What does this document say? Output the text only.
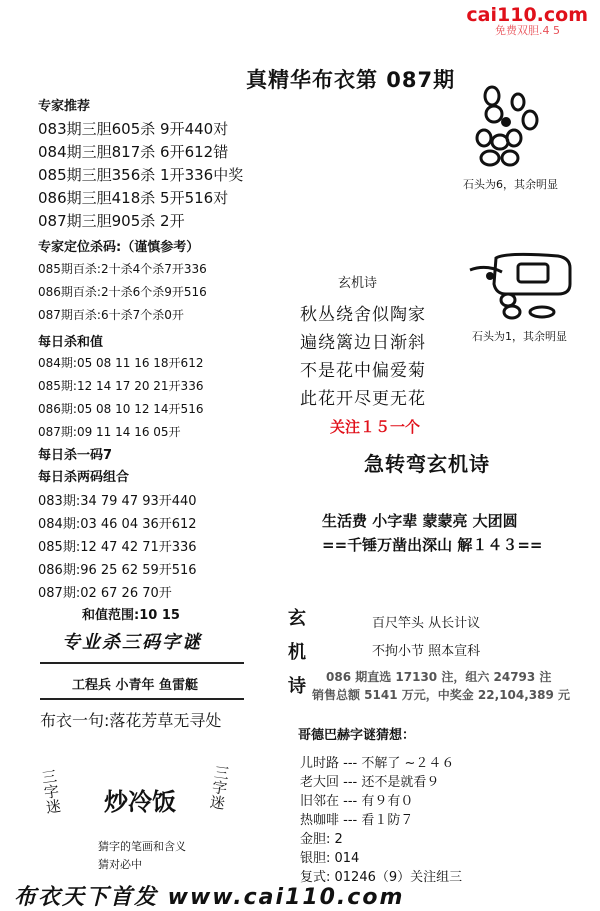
cai110.com
免费双胆.4 5
真精华布衣第 087期
专家推荐
083期三胆605杀 9开440对
084期三胆817杀 6开612错
085期三胆356杀 1开336中奖
086期三胆418杀 5开516对
087期三胆905杀 2开
专家定位杀码:（谨慎参考）
085期百杀:2十杀4个杀7开336
086期百杀:2十杀6个杀9开516
087期百杀:6十杀7个杀0开
每日杀和值
084期:05 08 11 16 18开612
085期:12 14 17 20 21开336
086期:05 08 10 12 14开516
087期:09 11 14 16 05开
每日杀一码7
每日杀两码组合
083期:34 79 47 93开440
084期:03 46 04 36开612
085期:12 47 42 71开336
086期:96 25 62 59开516
087期:02 67 26 70开
和值范围:10 15
专业杀三码字谜
工程兵 小青年 鱼雷艇
布衣一句:落花芳草无寻处
三
字
迷 炒冷饭
三
字
迷
猜字的笔画和含义
猜对必中
石头为6，其余明显
石头为1，其余明显
玄机诗
秋丛绕舍似陶家
遍绕篱边日渐斜
不是花中偏爱菊
此花开尽更无花
关注１５一个
急转弯玄机诗
生活费 小字辈 蒙蒙亮 大团圆
==千锤万凿出深山 解１４３==
玄
机
诗
百尺竿头 从长计议
不拘小节 照本宣科
086 期直选 17130 注，组六 24793 注
销售总额 5141 万元，中奖金 22,104,389 元
哥德巴赫字谜猜想：
儿时路 --- 不解了 ~２４６
老大回 --- 还不是就看９
旧邻在 --- 有９有０
热咖啡 --- 看１防７
金胆: 2
银胆: 014
复式: 01246（9）关注组三
布衣天下首发 www.cai110.com
